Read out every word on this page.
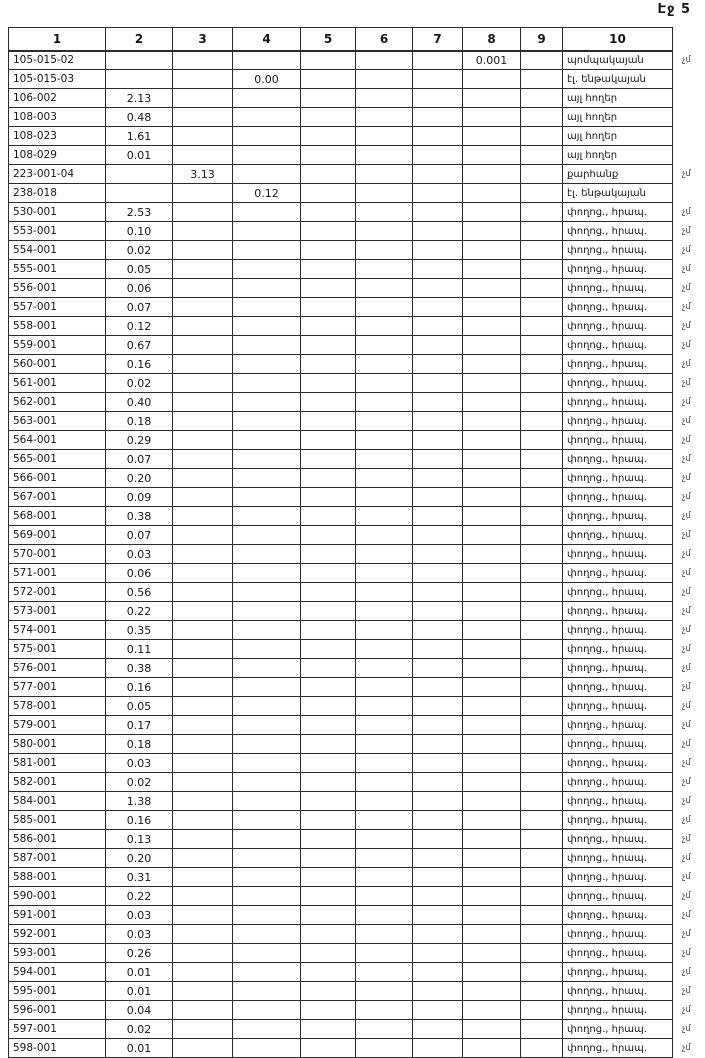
Էջ 5
1	2	3	4	5	6	7	8	9	10	
105-015-02							0.001		պոմպակայան	չմ
105-015-03			0.00						էլ. ենթակայան	
106-002	2.13								այլ հողեր	
108-003	0.48								այլ հողեր	
108-023	1.61								այլ հողեր	
108-029	0.01								այլ հողեր	
223-001-04		3.13							քարհանք	չմ
238-018			0.12						էլ. ենթակայան	
530-001	2.53								փողոց., հրապ.	չմ
553-001	0.10								փողոց., հրապ.	չմ
554-001	0.02								փողոց., հրապ.	չմ
555-001	0.05								փողոց., հրապ.	չմ
556-001	0.06								փողոց., հրապ.	չմ
557-001	0.07								փողոց., հրապ.	չմ
558-001	0.12								փողոց., հրապ.	չմ
559-001	0.67								փողոց., հրապ.	չմ
560-001	0.16								փողոց., հրապ.	չմ
561-001	0.02								փողոց., հրապ.	չմ
562-001	0.40								փողոց., հրապ.	չմ
563-001	0.18								փողոց., հրապ.	չմ
564-001	0.29								փողոց., հրապ.	չմ
565-001	0.07								փողոց., հրապ.	չմ
566-001	0.20								փողոց., հրապ.	չմ
567-001	0.09								փողոց., հրապ.	չմ
568-001	0.38								փողոց., հրապ.	չմ
569-001	0.07								փողոց., հրապ.	չմ
570-001	0.03								փողոց., հրապ.	չմ
571-001	0.06								փողոց., հրապ.	չմ
572-001	0.56								փողոց., հրապ.	չմ
573-001	0.22								փողոց., հրապ.	չմ
574-001	0.35								փողոց., հրապ.	չմ
575-001	0.11								փողոց., հրապ.	չմ
576-001	0.38								փողոց., հրապ.	չմ
577-001	0.16								փողոց., հրապ.	չմ
578-001	0.05								փողոց., հրապ.	չմ
579-001	0.17								փողոց., հրապ.	չմ
580-001	0.18								փողոց., հրապ.	չմ
581-001	0.03								փողոց., հրապ.	չմ
582-001	0.02								փողոց., հրապ.	չմ
584-001	1.38								փողոց., հրապ.	չմ
585-001	0.16								փողոց., հրապ.	չմ
586-001	0.13								փողոց., հրապ.	չմ
587-001	0.20								փողոց., հրապ.	չմ
588-001	0.31								փողոց., հրապ.	չմ
590-001	0.22								փողոց., հրապ.	չմ
591-001	0.03								փողոց., հրապ.	չմ
592-001	0.03								փողոց., հրապ.	չմ
593-001	0.26								փողոց., հրապ.	չմ
594-001	0.01								փողոց., հրապ.	չմ
595-001	0.01								փողոց., հրապ.	չմ
596-001	0.04								փողոց., հրապ.	չմ
597-001	0.02								փողոց., հրապ.	չմ
598-001	0.01								փողոց., հրապ.	չմ
